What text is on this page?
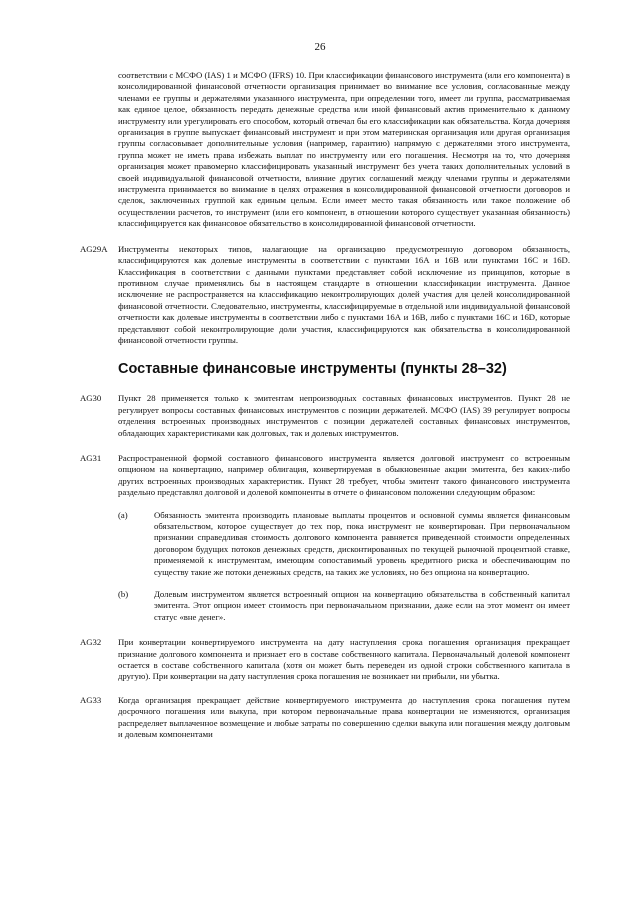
26

соответствии с МСФО (IAS) 1 и МСФО (IFRS) 10. При классификации финансового инструмента (или его компонента) в консолидированной финансовой отчетности организация принимает во внимание все условия, согласованные между членами ее группы и держателями указанного инструмента, при определении того, имеет ли группа, рассматриваемая как единое целое, обязанность передать денежные средства или иной финансовый актив применительно к данному инструменту или урегулировать его способом, который отвечал бы его классификации как обязательства. Когда дочерняя организация в группе выпускает финансовый инструмент и при этом материнская организация или другая организация группы согласовывает дополнительные условия (например, гарантию) напрямую с держателями этого инструмента, группа может не иметь права избежать выплат по инструменту или его погашения. Несмотря на то, что дочерняя организация может правомерно классифицировать указанный инструмент без учета таких дополнительных условий в своей индивидуальной финансовой отчетности, влияние других соглашений между членами группы и держателями инструмента принимается во внимание в целях отражения в консолидированной финансовой отчетности договоров и сделок, заключенных группой как единым целым. Если имеет место такая обязанность или такое положение об осуществлении расчетов, то инструмент (или его компонент, в отношении которого существует указанная обязанность) классифицируется как финансовое обязательство в консолидированной финансовой отчетности.

AG29A	Инструменты некоторых типов, налагающие на организацию предусмотренную договором обязанность, классифицируются как долевые инструменты в соответствии с пунктами 16А и 16В или пунктами 16С и 16D. Классификация в соответствии с данными пунктами представляет собой исключение из принципов, которые в противном случае применялись бы в настоящем стандарте в отношении классификации инструмента. Данное исключение не распространяется на классификацию неконтролирующих долей участия для целей консолидированной финансовой отчетности. Следовательно, инструменты, классифицируемые в отдельной или индивидуальной финансовой отчетности как долевые инструменты в соответствии либо с пунктами 16А и 16В, либо с пунктами 16С и 16D, которые представляют собой неконтролирующие доли участия, классифицируются как обязательства в консолидированной финансовой отчетности группы.

Составные финансовые инструменты (пункты 28–32)
AG30	Пункт 28 применяется только к эмитентам непроизводных составных финансовых инструментов. Пункт 28 не регулирует вопросы составных финансовых инструментов с позиции держателей. МСФО (IAS) 39 регулирует вопросы отделения встроенных производных инструментов с позиции держателей составных финансовых инструментов, обладающих характеристиками как долговых, так и долевых инструментов.

AG31	Распространенной формой составного финансового инструмента является долговой инструмент со встроенным опционом на конвертацию, например облигация, конвертируемая в обыкновенные акции эмитента, без каких-либо других встроенных производных характеристик. Пункт 28 требует, чтобы эмитент такого финансового инструмента раздельно представлял долговой и долевой компоненты в отчете о финансовом положении следующим образом:

(a)	Обязанность эмитента производить плановые выплаты процентов и основной суммы является финансовым обязательством, которое существует до тех пор, пока инструмент не конвертирован. При первоначальном признании справедливая стоимость долгового компонента равняется приведенной стоимости определенных договором будущих потоков денежных средств, дисконтированных по текущей рыночной процентной ставке, применяемой к инструментам, имеющим сопоставимый уровень кредитного риска и обеспечивающим по существу такие же потоки денежных средств, на таких же условиях, но без опциона на конвертацию.

(b)	Долевым инструментом является встроенный опцион на конвертацию обязательства в собственный капитал эмитента. Этот опцион имеет стоимость при первоначальном признании, даже если на этот момент он имеет статус «вне денег».

AG32	При конвертации конвертируемого инструмента на дату наступления срока погашения организация прекращает признание долгового компонента и признает его в составе собственного капитала. Первоначальный долевой компонент остается в составе собственного капитала (хотя он может быть переведен из одной строки собственного капитала в другую). При конвертации на дату наступления срока погашения не возникает ни прибыли, ни убытка.

AG33	Когда организация прекращает действие конвертируемого инструмента до наступления срока погашения путем досрочного погашения или выкупа, при котором первоначальные права конвертации не изменяются, организация распределяет выплаченное возмещение и любые затраты по совершению сделки выкупа или погашения между долговым и долевым компонентами
